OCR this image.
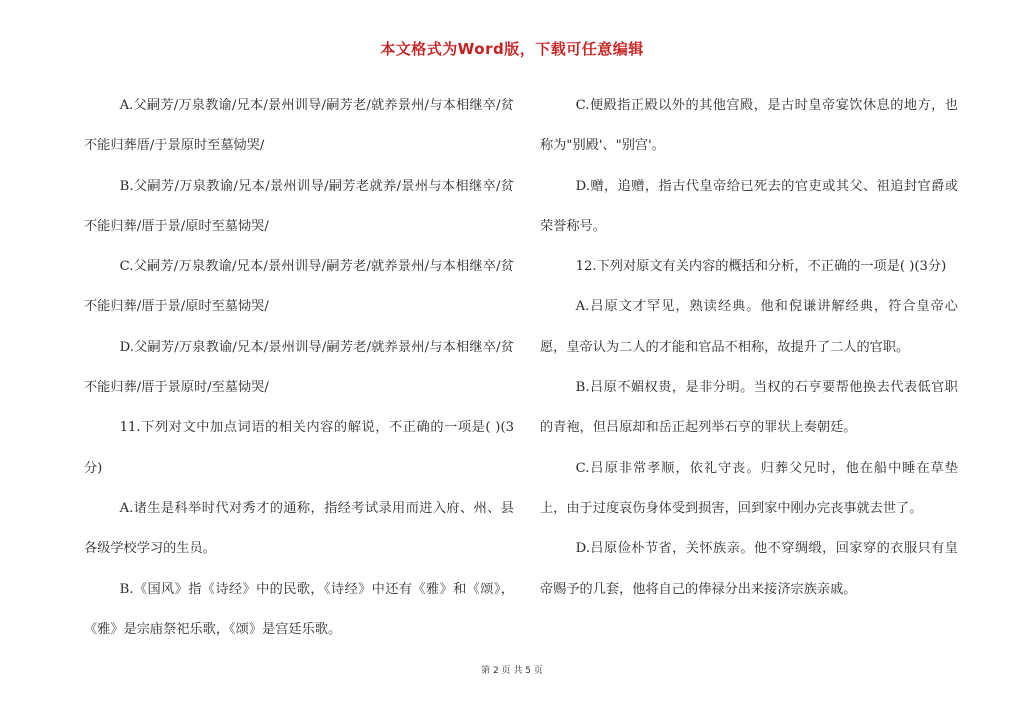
本文格式为Word版，下载可任意编辑

A.父嗣芳/万泉教谕/兄本/景州训导/嗣芳老/就养景州/与本相继卒/贫不能归葬厝/于景原时至墓恸哭/

B.父嗣芳/万泉教谕/兄本/景州训导/嗣芳老就养/景州与本相继卒/贫不能归葬/厝于景/原时至墓恸哭/

C.父嗣芳/万泉教谕/兄本/景州训导/嗣芳老/就养景州/与本相继卒/贫不能归葬/厝于景/原时至墓恸哭/

D.父嗣芳/万泉教谕/兄本/景州训导/嗣芳老/就养景州/与本相继卒/贫不能归葬/厝于景原时/至墓恸哭/

11.下列对文中加点词语的相关内容的解说，不正确的一项是( )(3分)

A.诸生是科举时代对秀才的通称，指经考试录用而进入府、州、县各级学校学习的生员。

B.《国风》指《诗经》中的民歌，《诗经》中还有《雅》和《颂》，《雅》是宗庙祭祀乐歌，《颂》是宫廷乐歌。

C.便殿指正殿以外的其他宫殿，是古时皇帝宴饮休息的地方，也称为"别殿'、"别宫'。

D.赠，追赠，指古代皇帝给已死去的官吏或其父、祖追封官爵或荣誉称号。

12.下列对原文有关内容的概括和分析，不正确的一项是( )(3分)

A.吕原文才罕见，熟读经典。他和倪谦讲解经典，符合皇帝心愿，皇帝认为二人的才能和官品不相称，故提升了二人的官职。

B.吕原不媚权贵，是非分明。当权的石亨要帮他换去代表低官职的青袍，但吕原却和岳正起列举石亨的罪状上奏朝廷。

C.吕原非常孝顺，依礼守丧。归葬父兄时，他在船中睡在草垫上，由于过度哀伤身体受到损害，回到家中刚办完丧事就去世了。

D.吕原俭朴节省，关怀族亲。他不穿绸缎，回家穿的衣服只有皇帝赐予的几套，他将自己的俸禄分出来接济宗族亲戚。

第 2 页 共 5 页
